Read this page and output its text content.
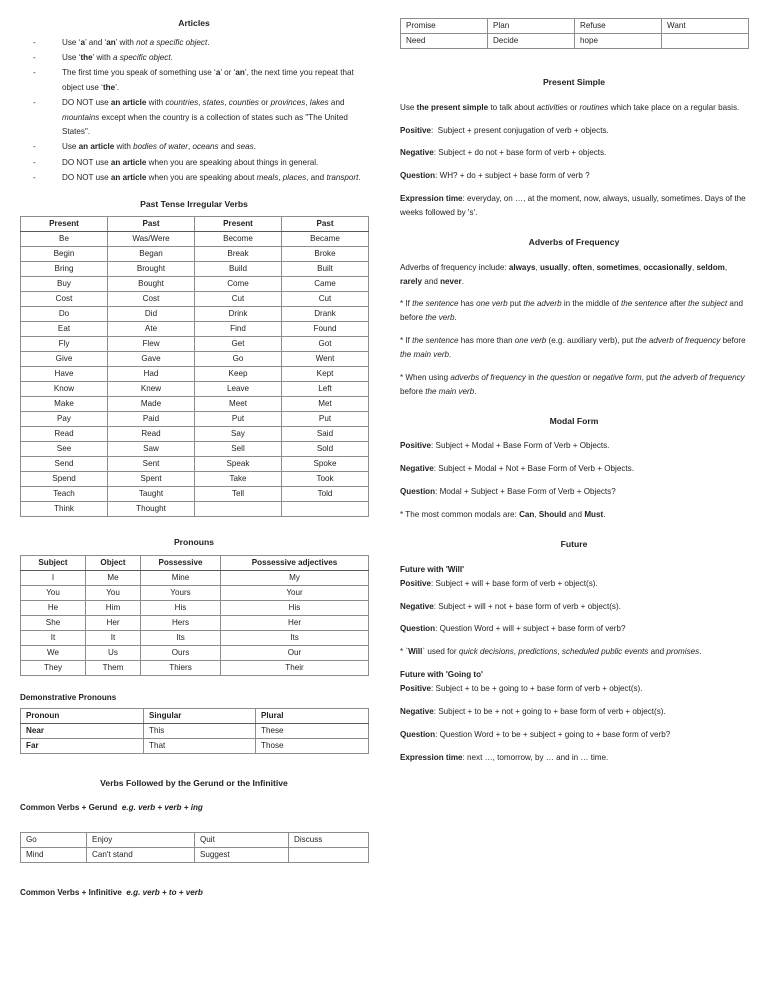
Articles
-	Use ‘a’ and ‘an’ with not a specific object.
-	Use ‘the’ with a specific object.
-	The first time you speak of something use ‘a’ or ‘an’, the next time you repeat that object use ‘the’.
-	DO NOT use an article with countries, states, counties or provinces, lakes and mountains except when the country is a collection of states such as "The United States".
-	Use an article with bodies of water, oceans and seas.
-	DO NOT use an article when you are speaking about things in general.
-	DO NOT use an article when you are speaking about meals, places, and transport.
Past Tense Irregular Verbs
Present	Past	Present	Past
Be	Was/Were	Become	Became
Begin	Began	Break	Broke
Bring	Brought	Build	Built
Buy	Bought	Come	Came
Cost	Cost	Cut	Cut
Do	Did	Drink	Drank
Eat	Ate	Find	Found
Fly	Flew	Get	Got
Give	Gave	Go	Went
Have	Had	Keep	Kept
Know	Knew	Leave	Left
Make	Made	Meet	Met
Pay	Paid	Put	Put
Read	Read	Say	Said
See	Saw	Sell	Sold
Send	Sent	Speak	Spoke
Spend	Spent	Take	Took
Teach	Taught	Tell	Told
Think	Thought		
Pronouns
Subject	Object	Possessive	Possessive adjectives
I	Me	Mine	My
You	You	Yours	Your
He	Him	His	His
She	Her	Hers	Her
It	It	Its	Its
We	Us	Ours	Our
They	Them	Thiers	Their
Demonstrative Pronouns
Pronoun	Singular	Plural
Near	This	These
Far	That	Those
Verbs Followed by the Gerund or the Infinitive
Common Verbs + Gerund e.g. verb + verb + ing
Go	Enjoy	Quit	Discuss
Mind	Can't stand	Suggest	
Common Verbs + Infinitive e.g. verb + to + verb
Promise	Plan	Refuse	Want
Need	Decide	hope	
Present Simple

Use the present simple to talk about activities or routines which take place on a regular basis.

Positive:  Subject + present conjugation of verb + objects.

Negative: Subject + do not + base form of verb + objects.

Question: WH? + do + subject + base form of verb ?

Expression time: everyday, on …, at the moment, now, always, usually, sometimes. Days of the weeks followed by 's'.

Adverbs of Frequency

Adverbs of frequency include: always, usually, often, sometimes, occasionally, seldom, rarely and never.

* If the sentence has one verb put the adverb in the middle of the sentence after the subject and before the verb.

* If the sentence has more than one verb (e.g. auxiliary verb), put the adverb of frequency before the main verb.

* When using adverbs of frequency in the question or negative form, put the adverb of frequency before the main verb.

Modal Form

Positive: Subject + Modal + Base Form of Verb + Objects.

Negative: Subject + Modal + Not + Base Form of Verb + Objects.

Question: Modal + Subject + Base Form of Verb + Objects?

* The most common modals are: Can, Should and Must.

Future

Future with 'Will'

Positive: Subject + will + base form of verb + object(s).

Negative: Subject + will + not + base form of verb + object(s).

Question: Question Word + will + subject + base form of verb?

* `Will` used for quick decisions, predictions, scheduled public events and promises.

Future with 'Going to'

Positive: Subject + to be + going to + base form of verb + object(s).

Negative: Subject + to be + not + going to + base form of verb + object(s).

Question: Question Word + to be + subject + going to + base form of verb?

Expression time: next …, tomorrow, by … and in … time.
